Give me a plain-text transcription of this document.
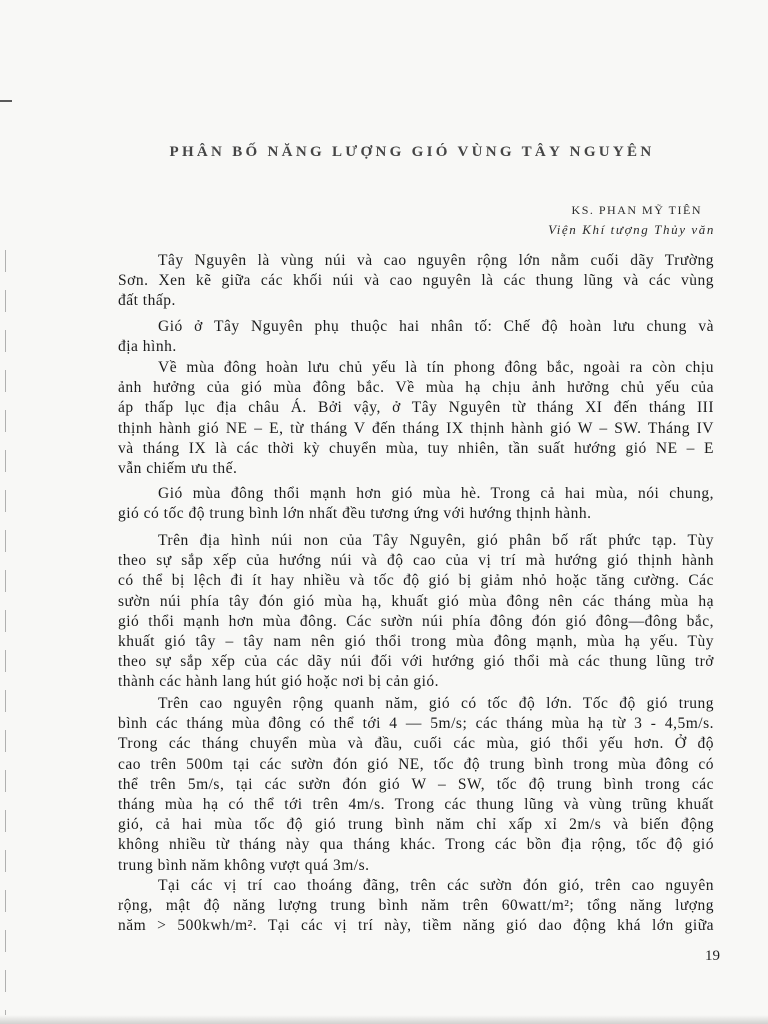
PHÂN BỐ NĂNG LƯỢNG GIÓ VÙNG TÂY NGUYÊN
KS. PHAN MỸ TIÊN
Viện Khí tượng Thủy văn
Tây Nguyên là vùng núi và cao nguyên rộng lớn nằm cuối dãy Trường
Sơn. Xen kẽ giữa các khối núi và cao nguyên là các thung lũng và các vùng
đất thấp.
Gió ở Tây Nguyên phụ thuộc hai nhân tố: Chế độ hoàn lưu chung và
địa hình.
Về mùa đông hoàn lưu chủ yếu là tín phong đông bắc, ngoài ra còn chịu
ảnh hưởng của gió mùa đông bắc. Về mùa hạ chịu ảnh hưởng chủ yếu của
áp thấp lục địa châu Á. Bởi vậy, ở Tây Nguyên từ tháng XI đến tháng III
thịnh hành gió NE – E, từ tháng V đến tháng IX thịnh hành gió W – SW. Tháng IV
và tháng IX là các thời kỳ chuyển mùa, tuy nhiên, tần suất hướng gió NE – E
vẫn chiếm ưu thế.
Gió mùa đông thổi mạnh hơn gió mùa hè. Trong cả hai mùa, nói chung,
gió có tốc độ trung bình lớn nhất đều tương ứng với hướng thịnh hành.
Trên địa hình núi non của Tây Nguyên, gió phân bố rất phức tạp. Tùy
theo sự sắp xếp của hướng núi và độ cao của vị trí mà hướng gió thịnh hành
có thể bị lệch đi ít hay nhiều và tốc độ gió bị giảm nhỏ hoặc tăng cường. Các
sườn núi phía tây đón gió mùa hạ, khuất gió mùa đông nên các tháng mùa hạ
gió thổi mạnh hơn mùa đông. Các sườn núi phía đông đón gió đông—đông bắc,
khuất gió tây – tây nam nên gió thổi trong mùa đông mạnh, mùa hạ yếu. Tùy
theo sự sắp xếp của các dãy núi đối với hướng gió thổi mà các thung lũng trở
thành các hành lang hút gió hoặc nơi bị cản gió.
Trên cao nguyên rộng quanh năm, gió có tốc độ lớn. Tốc độ gió trung
bình các tháng mùa đông có thể tới 4 — 5m/s; các tháng mùa hạ từ 3 - 4,5m/s.
Trong các tháng chuyển mùa và đầu, cuối các mùa, gió thổi yếu hơn. Ở độ
cao trên 500m tại các sườn đón gió NE, tốc độ trung bình trong mùa đông có
thể trên 5m/s, tại các sườn đón gió W – SW, tốc độ trung bình trong các
tháng mùa hạ có thể tới trên 4m/s. Trong các thung lũng và vùng trũng khuất
gió, cả hai mùa tốc độ gió trung bình năm chỉ xấp xỉ 2m/s và biến động
không nhiều từ tháng này qua tháng khác. Trong các bồn địa rộng, tốc độ gió
trung bình năm không vượt quá 3m/s.
Tại các vị trí cao thoáng đãng, trên các sườn đón gió, trên cao nguyên
rộng, mật độ năng lượng trung bình năm trên 60watt/m²; tổng năng lượng
năm > 500kwh/m². Tại các vị trí này, tiềm năng gió dao động khá lớn giữa
19
